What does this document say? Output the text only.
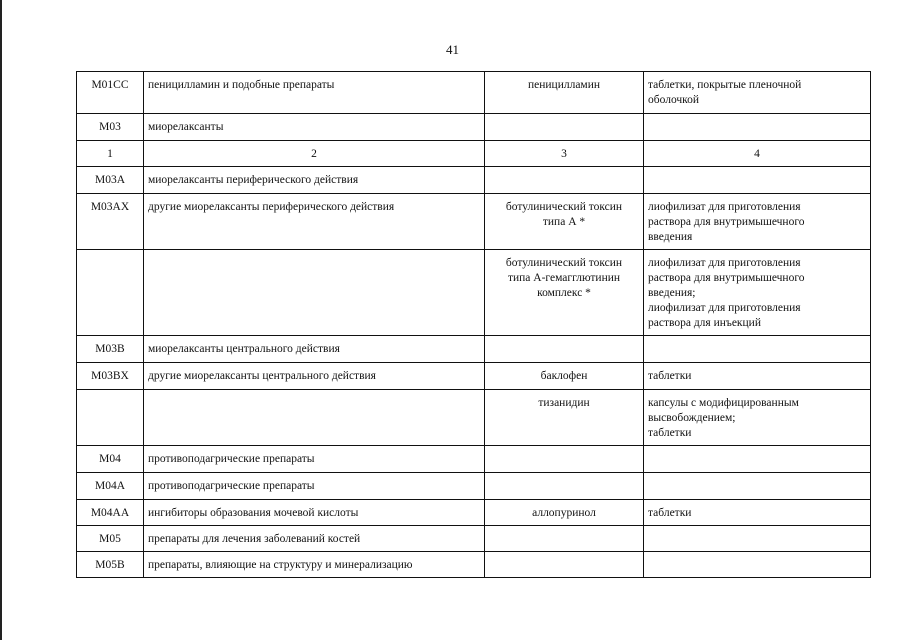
41
M01CC	пеницилламин и подобные препараты	пеницилламин	таблетки, покрытые пленочной
оболочкой
M03	миорелаксанты		
1	2	3	4
M03A	миорелаксанты периферического действия		
M03AX	другие миорелаксанты периферического действия	ботулинический токсин
типа А *	лиофилизат для приготовления
раствора для внутримышечного
введения
		ботулинический токсин
типа А-гемагглютинин
комплекс *	лиофилизат для приготовления
раствора для внутримышечного
введения;
лиофилизат для приготовления
раствора для инъекций
M03B	миорелаксанты центрального действия		
M03BX	другие миорелаксанты центрального действия	баклофен	таблетки
		тизанидин	капсулы с модифицированным
высвобождением;
таблетки
M04	противоподагрические препараты		
M04A	противоподагрические препараты		
M04AA	ингибиторы образования мочевой кислоты	аллопуринол	таблетки
M05	препараты для лечения заболеваний костей		
M05B	препараты, влияющие на структуру и минерализацию		
